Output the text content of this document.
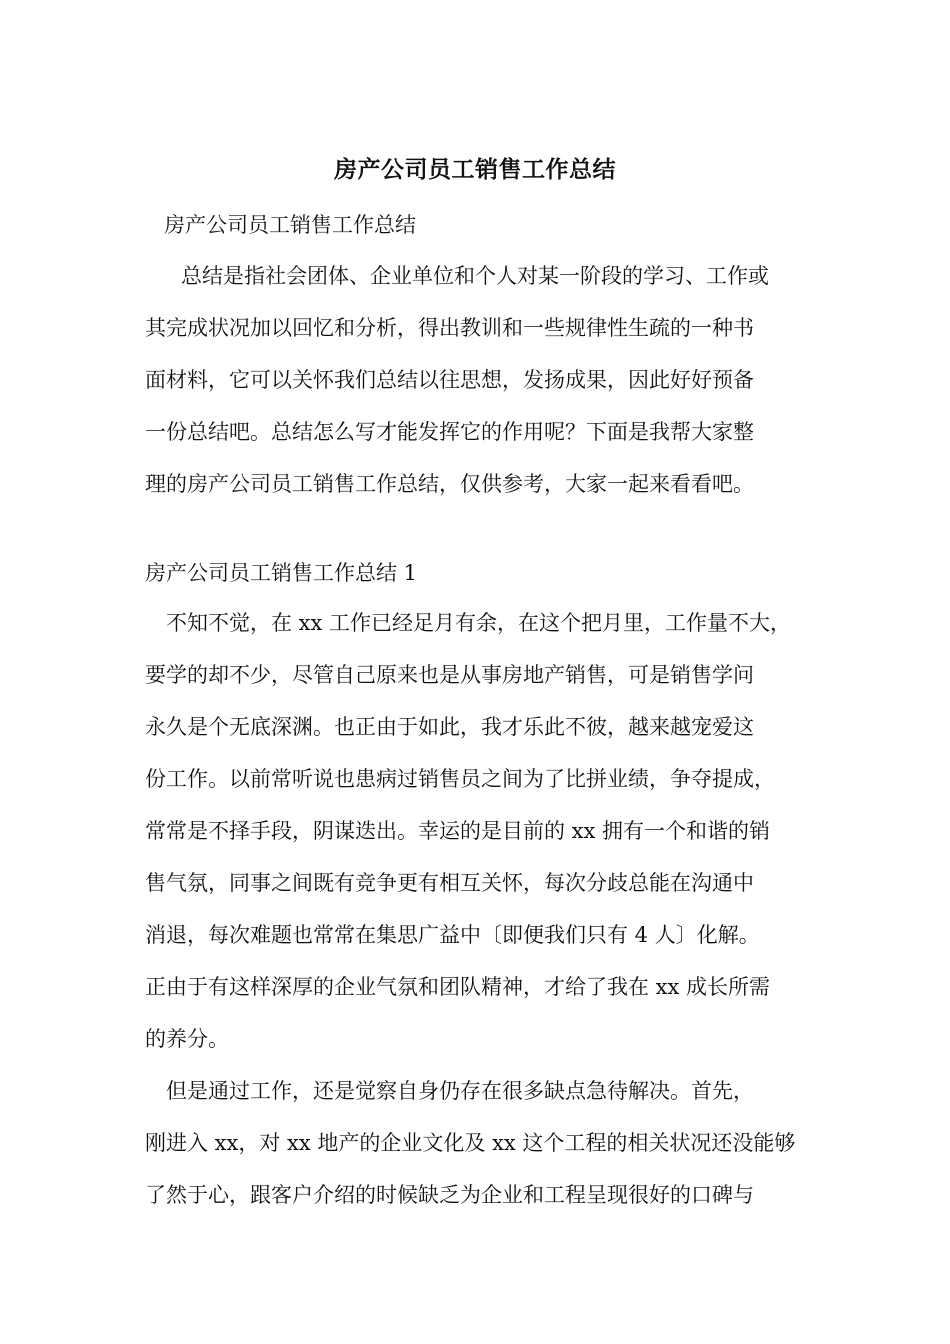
房产公司员工销售工作总结
房产公司员工销售工作总结
总结是指社会团体、企业单位和个人对某一阶段的学习、工作或
其完成状况加以回忆和分析，得出教训和一些规律性生疏的一种书
面材料，它可以关怀我们总结以往思想，发扬成果，因此好好预备
一份总结吧。总结怎么写才能发挥它的作用呢？下面是我帮大家整
理的房产公司员工销售工作总结，仅供参考，大家一起来看看吧。
房产公司员工销售工作总结 1
不知不觉，在 xx 工作已经足月有余，在这个把月里，工作量不大，
要学的却不少，尽管自己原来也是从事房地产销售，可是销售学问
永久是个无底深渊。也正由于如此，我才乐此不彼，越来越宠爱这
份工作。以前常听说也患病过销售员之间为了比拼业绩，争夺提成，
常常是不择手段，阴谋迭出。幸运的是目前的 xx 拥有一个和谐的销
售气氛，同事之间既有竞争更有相互关怀，每次分歧总能在沟通中
消退，每次难题也常常在集思广益中〔即便我们只有 4 人〕化解。
正由于有这样深厚的企业气氛和团队精神，才给了我在 xx 成长所需
的养分。
但是通过工作，还是觉察自身仍存在很多缺点急待解决。首先，
刚进入 xx，对 xx 地产的企业文化及 xx 这个工程的相关状况还没能够
了然于心，跟客户介绍的时候缺乏为企业和工程呈现很好的口碑与
